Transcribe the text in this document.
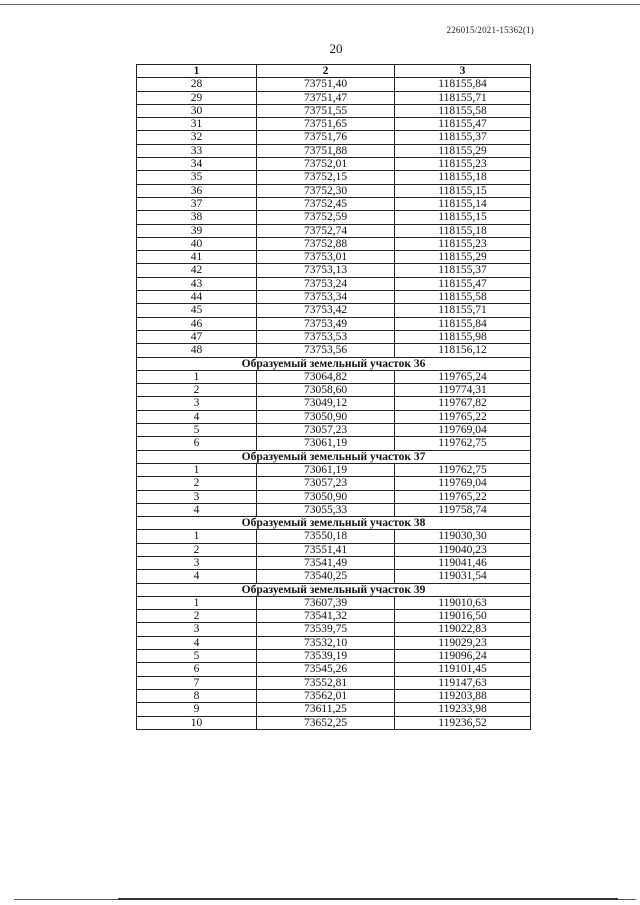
226015/2021-15362(1)
20
1	2	3
28	73751,40	118155,84
29	73751,47	118155,71
30	73751,55	118155,58
31	73751,65	118155,47
32	73751,76	118155,37
33	73751,88	118155,29
34	73752,01	118155,23
35	73752,15	118155,18
36	73752,30	118155,15
37	73752,45	118155,14
38	73752,59	118155,15
39	73752,74	118155,18
40	73752,88	118155,23
41	73753,01	118155,29
42	73753,13	118155,37
43	73753,24	118155,47
44	73753,34	118155,58
45	73753,42	118155,71
46	73753,49	118155,84
47	73753,53	118155,98
48	73753,56	118156,12
Образуемый земельный участок 36		
1	73064,82	119765,24
2	73058,60	119774,31
3	73049,12	119767,82
4	73050,90	119765,22
5	73057,23	119769,04
6	73061,19	119762,75
Образуемый земельный участок 37		
1	73061,19	119762,75
2	73057,23	119769,04
3	73050,90	119765,22
4	73055,33	119758,74
Образуемый земельный участок 38		
1	73550,18	119030,30
2	73551,41	119040,23
3	73541,49	119041,46
4	73540,25	119031,54
Образуемый земельный участок 39		
1	73607,39	119010,63
2	73541,32	119016,50
3	73539,75	119022,83
4	73532,10	119029,23
5	73539,19	119096,24
6	73545,26	119101,45
7	73552,81	119147,63
8	73562,01	119203,88
9	73611,25	119233,98
10	73652,25	119236,52
